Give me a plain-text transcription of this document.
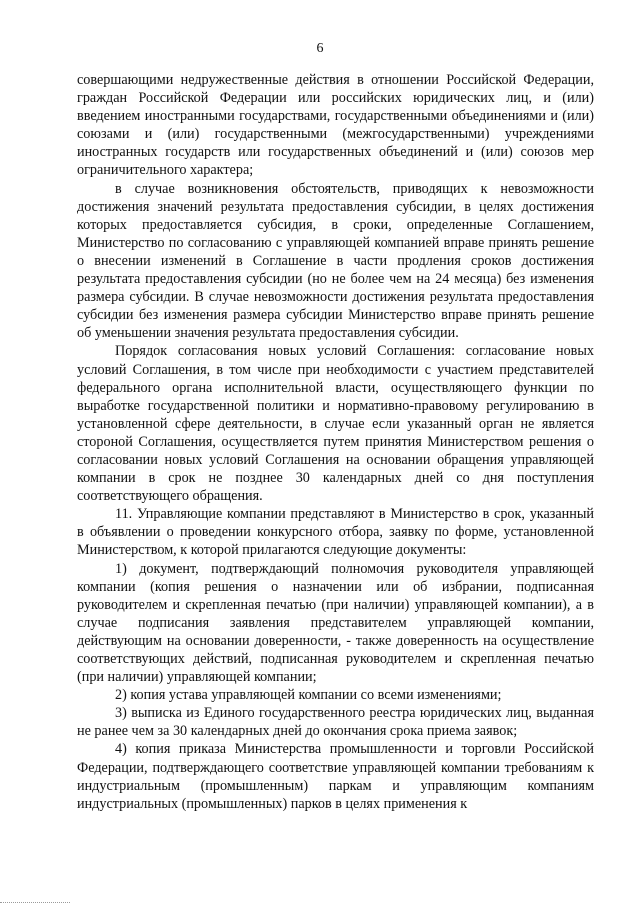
6

совершающими недружественные действия в отношении Российской Федерации, граждан Российской Федерации или российских юридических лиц, и (или) введением иностранными государствами, государственными объединениями и (или) союзами и (или) государственными (межгосударственными) учреждениями иностранных государств или государственных объединений и (или) союзов мер ограничительного характера;

в случае возникновения обстоятельств, приводящих к невозможности достижения значений результата предоставления субсидии, в целях достижения которых предоставляется субсидия, в сроки, определенные Соглашением, Министерство по согласованию с управляющей компанией вправе принять решение о внесении изменений в Соглашение в части продления сроков достижения результата предоставления субсидии (но не более чем на 24 месяца) без изменения размера субсидии. В случае невозможности достижения результата предоставления субсидии без изменения размера субсидии Министерство вправе принять решение об уменьшении значения результата предоставления субсидии.

Порядок согласования новых условий Соглашения: согласование новых условий Соглашения, в том числе при необходимости с участием представителей федерального органа исполнительной власти, осуществляющего функции по выработке государственной политики и нормативно-правовому регулированию в установленной сфере деятельности, в случае если указанный орган не является стороной Соглашения, осуществляется путем принятия Министерством решения о согласовании новых условий Соглашения на основании обращения управляющей компании в срок не позднее 30 календарных дней со дня поступления соответствующего обращения.

11. Управляющие компании представляют в Министерство в срок, указанный в объявлении о проведении конкурсного отбора, заявку по форме, установленной Министерством, к которой прилагаются следующие документы:

1) документ, подтверждающий полномочия руководителя управляющей компании (копия решения о назначении или об избрании, подписанная руководителем и скрепленная печатью (при наличии) управляющей компании), а в случае подписания заявления представителем управляющей компании, действующим на основании доверенности, - также доверенность на осуществление соответствующих действий, подписанная руководителем и скрепленная печатью (при наличии) управляющей компании;

2) копия устава управляющей компании со всеми изменениями;

3) выписка из Единого государственного реестра юридических лиц, выданная не ранее чем за 30 календарных дней до окончания срока приема заявок;

4) копия приказа Министерства промышленности и торговли Российской Федерации, подтверждающего соответствие управляющей компании требованиям к индустриальным (промышленным) паркам и управляющим компаниям индустриальных (промышленных) парков в целях применения к
